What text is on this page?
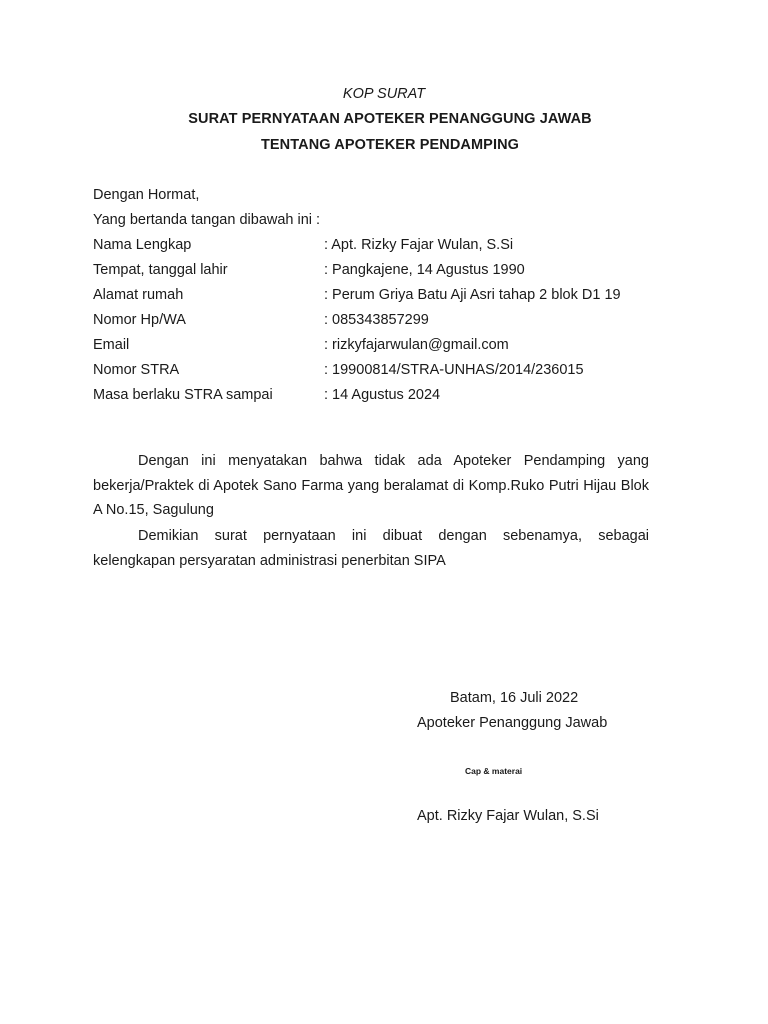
KOP SURAT
SURAT PERNYATAAN APOTEKER PENANGGUNG JAWAB
TENTANG APOTEKER PENDAMPING
Dengan Hormat,
Yang bertanda tangan dibawah ini :
Nama Lengkap	: Apt. Rizky Fajar Wulan, S.Si
Tempat, tanggal lahir	: Pangkajene, 14 Agustus 1990
Alamat rumah	: Perum Griya Batu Aji Asri tahap 2 blok D1 19
Nomor Hp/WA	: 085343857299
Email	: rizkyfajarwulan@gmail.com
Nomor STRA	: 19900814/STRA-UNHAS/2014/236015
Masa berlaku STRA sampai	: 14 Agustus 2024
Dengan ini menyatakan bahwa tidak ada Apoteker Pendamping yang bekerja/Praktek di Apotek Sano Farma yang beralamat di Komp.Ruko Putri Hijau Blok A No.15, Sagulung
Demikian surat pernyataan ini dibuat dengan sebenamya, sebagai kelengkapan persyaratan administrasi penerbitan SIPA
Batam, 16 Juli 2022
Apoteker Penanggung Jawab
Cap & materai
Apt. Rizky Fajar Wulan, S.Si
